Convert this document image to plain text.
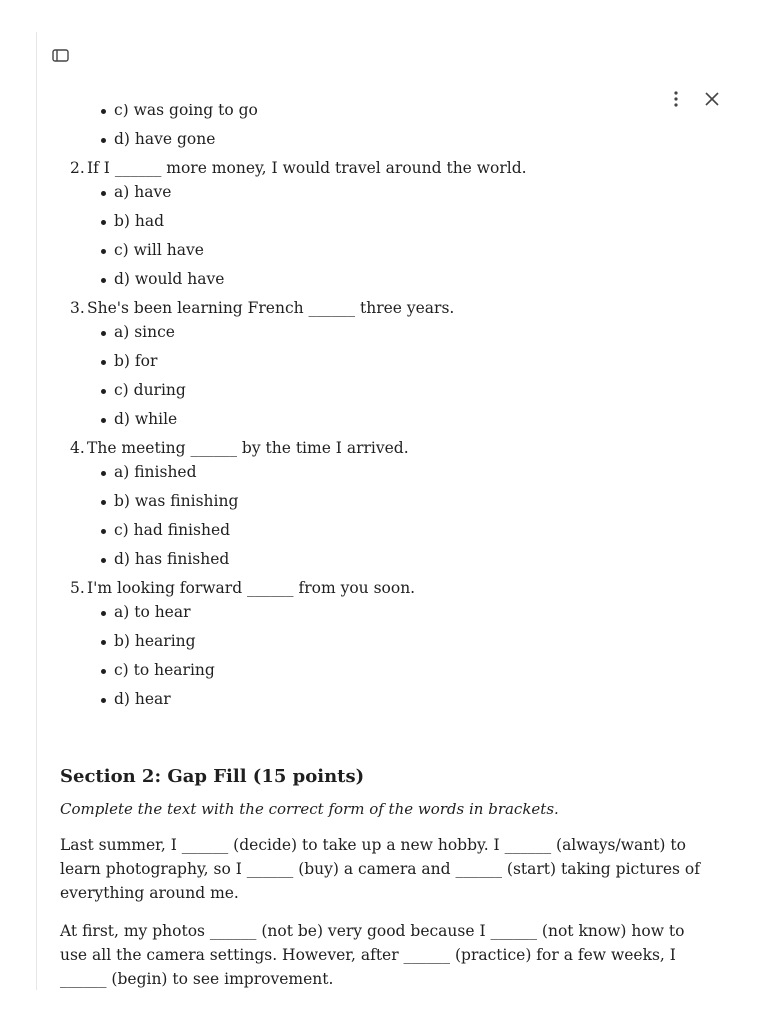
c) was going to go
d) have gone

2. If I ______ more money, I would travel around the world.

a) have
b) had
c) will have
d) would have

3. She's been learning French ______ three years.

a) since
b) for
c) during
d) while

4. The meeting ______ by the time I arrived.

a) finished
b) was finishing
c) had finished
d) has finished

5. I'm looking forward ______ from you soon.

a) to hear
b) hearing
c) to hearing
d) hear
Section 2: Gap Fill (15 points)

Complete the text with the correct form of the words in brackets.

Last summer, I ______ (decide) to take up a new hobby. I ______ (always/want) to learn photography, so I ______ (buy) a camera and ______ (start) taking pictures of everything around me.

At first, my photos ______ (not be) very good because I ______ (not know) how to use all the camera settings. However, after ______ (practice) for a few weeks, I ______ (begin) to see improvement.
